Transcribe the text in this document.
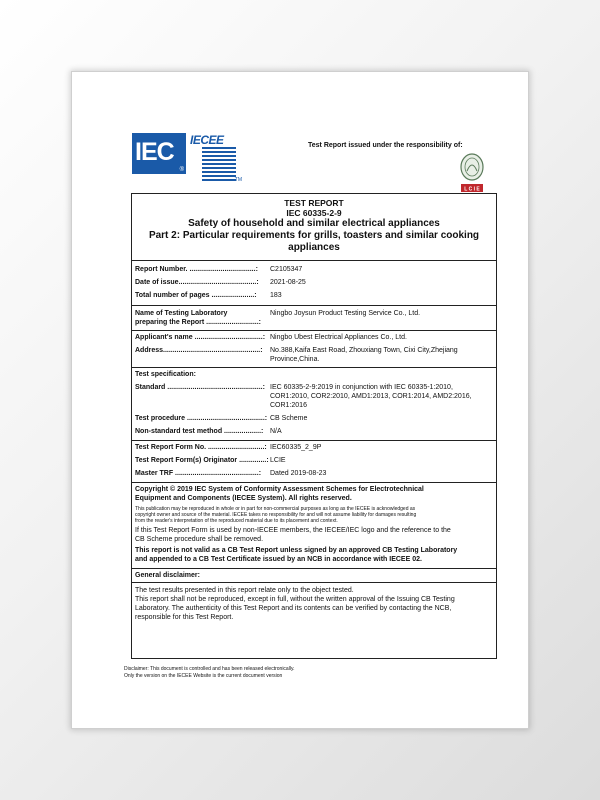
IEC
®
IECEE
TM
Test Report issued under the responsibility of:
L C I E
TEST REPORT
IEC 60335-2-9
Safety of household and similar electrical appliances
Part 2: Particular requirements for grills, toasters and similar cooking
appliances
Report Number. ..................................: C2105347
Date of issue........................................: 2021-08-25
Total number of pages ......................: 183
Name of Testing Laboratory
preparing the Report ...........................:
Ningbo Joysun Product Testing Service Co., Ltd.
Applicant's name ...................................: Ningbo Ubest Electrical Appliances Co., Ltd.
Address..................................................: No.388,Kaifa East Road, Zhouxiang Town, Cixi City,Zhejiang
Province,China.
Test specification:
Standard .................................................: IEC 60335-2-9:2019 in conjunction with IEC 60335-1:2010,
COR1:2010, COR2:2010, AMD1:2013, COR1:2014, AMD2:2016,
COR1:2016
Test procedure ........................................: CB Scheme
Non-standard test method ...................: N/A
Test Report Form No. .............................: IEC60335_2_9P
Test Report Form(s) Originator ..............: LCIE
Master TRF ...........................................: Dated 2019-08-23
Copyright © 2019 IEC System of Conformity Assessment Schemes for Electrotechnical
Equipment and Components (IECEE System). All rights reserved.
This publication may be reproduced in whole or in part for non-commercial purposes as long as the IECEE is acknowledged as
copyright owner and source of the material. IECEE takes no responsibility for and will not assume liability for damages resulting
from the reader's interpretation of the reproduced material due to its placement and context.
If this Test Report Form is used by non-IECEE members, the IECEE/IEC logo and the reference to the
CB Scheme procedure shall be removed.
This report is not valid as a CB Test Report unless signed by an approved CB Testing Laboratory
and appended to a CB Test Certificate issued by an NCB in accordance with IECEE 02.
General disclaimer:
The test results presented in this report relate only to the object tested.
This report shall not be reproduced, except in full, without the written approval of the Issuing CB Testing
Laboratory. The authenticity of this Test Report and its contents can be verified by contacting the NCB,
responsible for this Test Report.
Disclaimer: This document is controlled and has been released electronically.
Only the version on the IECEE Website is the current document version
